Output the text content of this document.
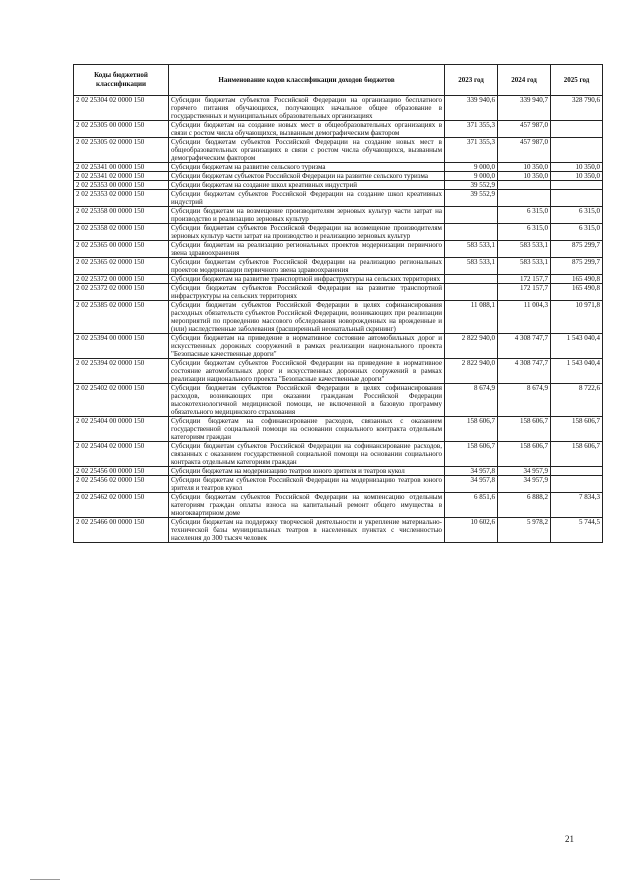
Коды бюджетной классификации	Наименование кодов классификации доходов бюджетов	2023 год	2024 год	2025 год
2 02 25304 02 0000 150	Субсидии бюджетам субъектов Российской Федерации на организацию бесплатного горячего питания обучающихся, получающих начальное общее образование в государственных и муниципальных образовательных организациях	339 940,6	339 940,7	328 790,6
2 02 25305 00 0000 150	Субсидии бюджетам на создание новых мест в общеобразовательных организациях в связи с ростом числа обучающихся, вызванным демографическим фактором	371 355,3	457 987,0	
2 02 25305 02 0000 150	Субсидии бюджетам субъектов Российской Федерации на создание новых мест в общеобразовательных организациях в связи с ростом числа обучающихся, вызванным демографическим фактором	371 355,3	457 987,0	
2 02 25341 00 0000 150	Субсидии бюджетам на развитие сельского туризма	9 000,0	10 350,0	10 350,0
2 02 25341 02 0000 150	Субсидии бюджетам субъектов Российской Федерации на развитие сельского туризма	9 000,0	10 350,0	10 350,0
2 02 25353 00 0000 150	Субсидии бюджетам на создание школ креативных индустрий	39 552,9		
2 02 25353 02 0000 150	Субсидии бюджетам субъектов Российской Федерации на создание школ креативных индустрий	39 552,9		
2 02 25358 00 0000 150	Субсидии бюджетам на возмещение производителям зерновых культур части затрат на производство и реализацию зерновых культур		6 315,0	6 315,0
2 02 25358 02 0000 150	Субсидии бюджетам субъектов Российской Федерации на возмещение производителям зерновых культур части затрат на производство и реализацию зерновых культур		6 315,0	6 315,0
2 02 25365 00 0000 150	Субсидии бюджетам на реализацию региональных проектов модернизации первичного звена здравоохранения	583 533,1	583 533,1	875 299,7
2 02 25365 02 0000 150	Субсидии бюджетам субъектов Российской Федерации на реализацию региональных проектов модернизации первичного звена здравоохранения	583 533,1	583 533,1	875 299,7
2 02 25372 00 0000 150	Субсидии бюджетам на развитие транспортной инфраструктуры на сельских территориях		172 157,7	165 490,8
2 02 25372 02 0000 150	Субсидии бюджетам субъектов Российской Федерации на развитие транспортной инфраструктуры на сельских территориях		172 157,7	165 490,8
2 02 25385 02 0000 150	Субсидии бюджетам субъектов Российской Федерации в целях софинансирования расходных обязательств субъектов Российской Федерации, возникающих при реализации мероприятий по проведению массового обследования новорожденных на врожденные и (или) наследственные заболевания (расширенный неонатальный скрининг)	11 088,1	11 004,3	10 971,8
2 02 25394 00 0000 150	Субсидии бюджетам на приведение в нормативное состояние автомобильных дорог и искусственных дорожных сооружений в рамках реализации национального проекта "Безопасные качественные дороги"	2 822 940,0	4 308 747,7	1 543 040,4
2 02 25394 02 0000 150	Субсидии бюджетам субъектов Российской Федерации на приведение в нормативное состояние автомобильных дорог и искусственных дорожных сооружений в рамках реализации национального проекта "Безопасные качественные дороги"	2 822 940,0	4 308 747,7	1 543 040,4
2 02 25402 02 0000 150	Субсидии бюджетам субъектов Российской Федерации в целях софинансирования расходов, возникающих при оказании гражданам Российской Федерации высокотехнологичной медицинской помощи, не включенной в базовую программу обязательного медицинского страхования	8 674,9	8 674,9	8 722,6
2 02 25404 00 0000 150	Субсидии бюджетам на софинансирование расходов, связанных с оказанием государственной социальной помощи на основании социального контракта отдельным категориям граждан	158 606,7	158 606,7	158 606,7
2 02 25404 02 0000 150	Субсидии бюджетам субъектов Российской Федерации на софинансирование расходов, связанных с оказанием государственной социальной помощи на основании социального контракта отдельным категориям граждан	158 606,7	158 606,7	158 606,7
2 02 25456 00 0000 150	Субсидии бюджетам на модернизацию театров юного зрителя и театров кукол	34 957,8	34 957,9	
2 02 25456 02 0000 150	Субсидии бюджетам субъектов Российской Федерации на модернизацию театров юного зрителя и театров кукол	34 957,8	34 957,9	
2 02 25462 02 0000 150	Субсидии бюджетам субъектов Российской Федерации на компенсацию отдельным категориям граждан оплаты взноса на капитальный ремонт общего имущества в многоквартирном доме	6 851,6	6 888,2	7 834,3
2 02 25466 00 0000 150	Субсидии бюджетам на поддержку творческой деятельности и укрепление материально-технической базы муниципальных театров в населенных пунктах с численностью населения до 300 тысяч человек	10 602,6	5 978,2	5 744,5
21
